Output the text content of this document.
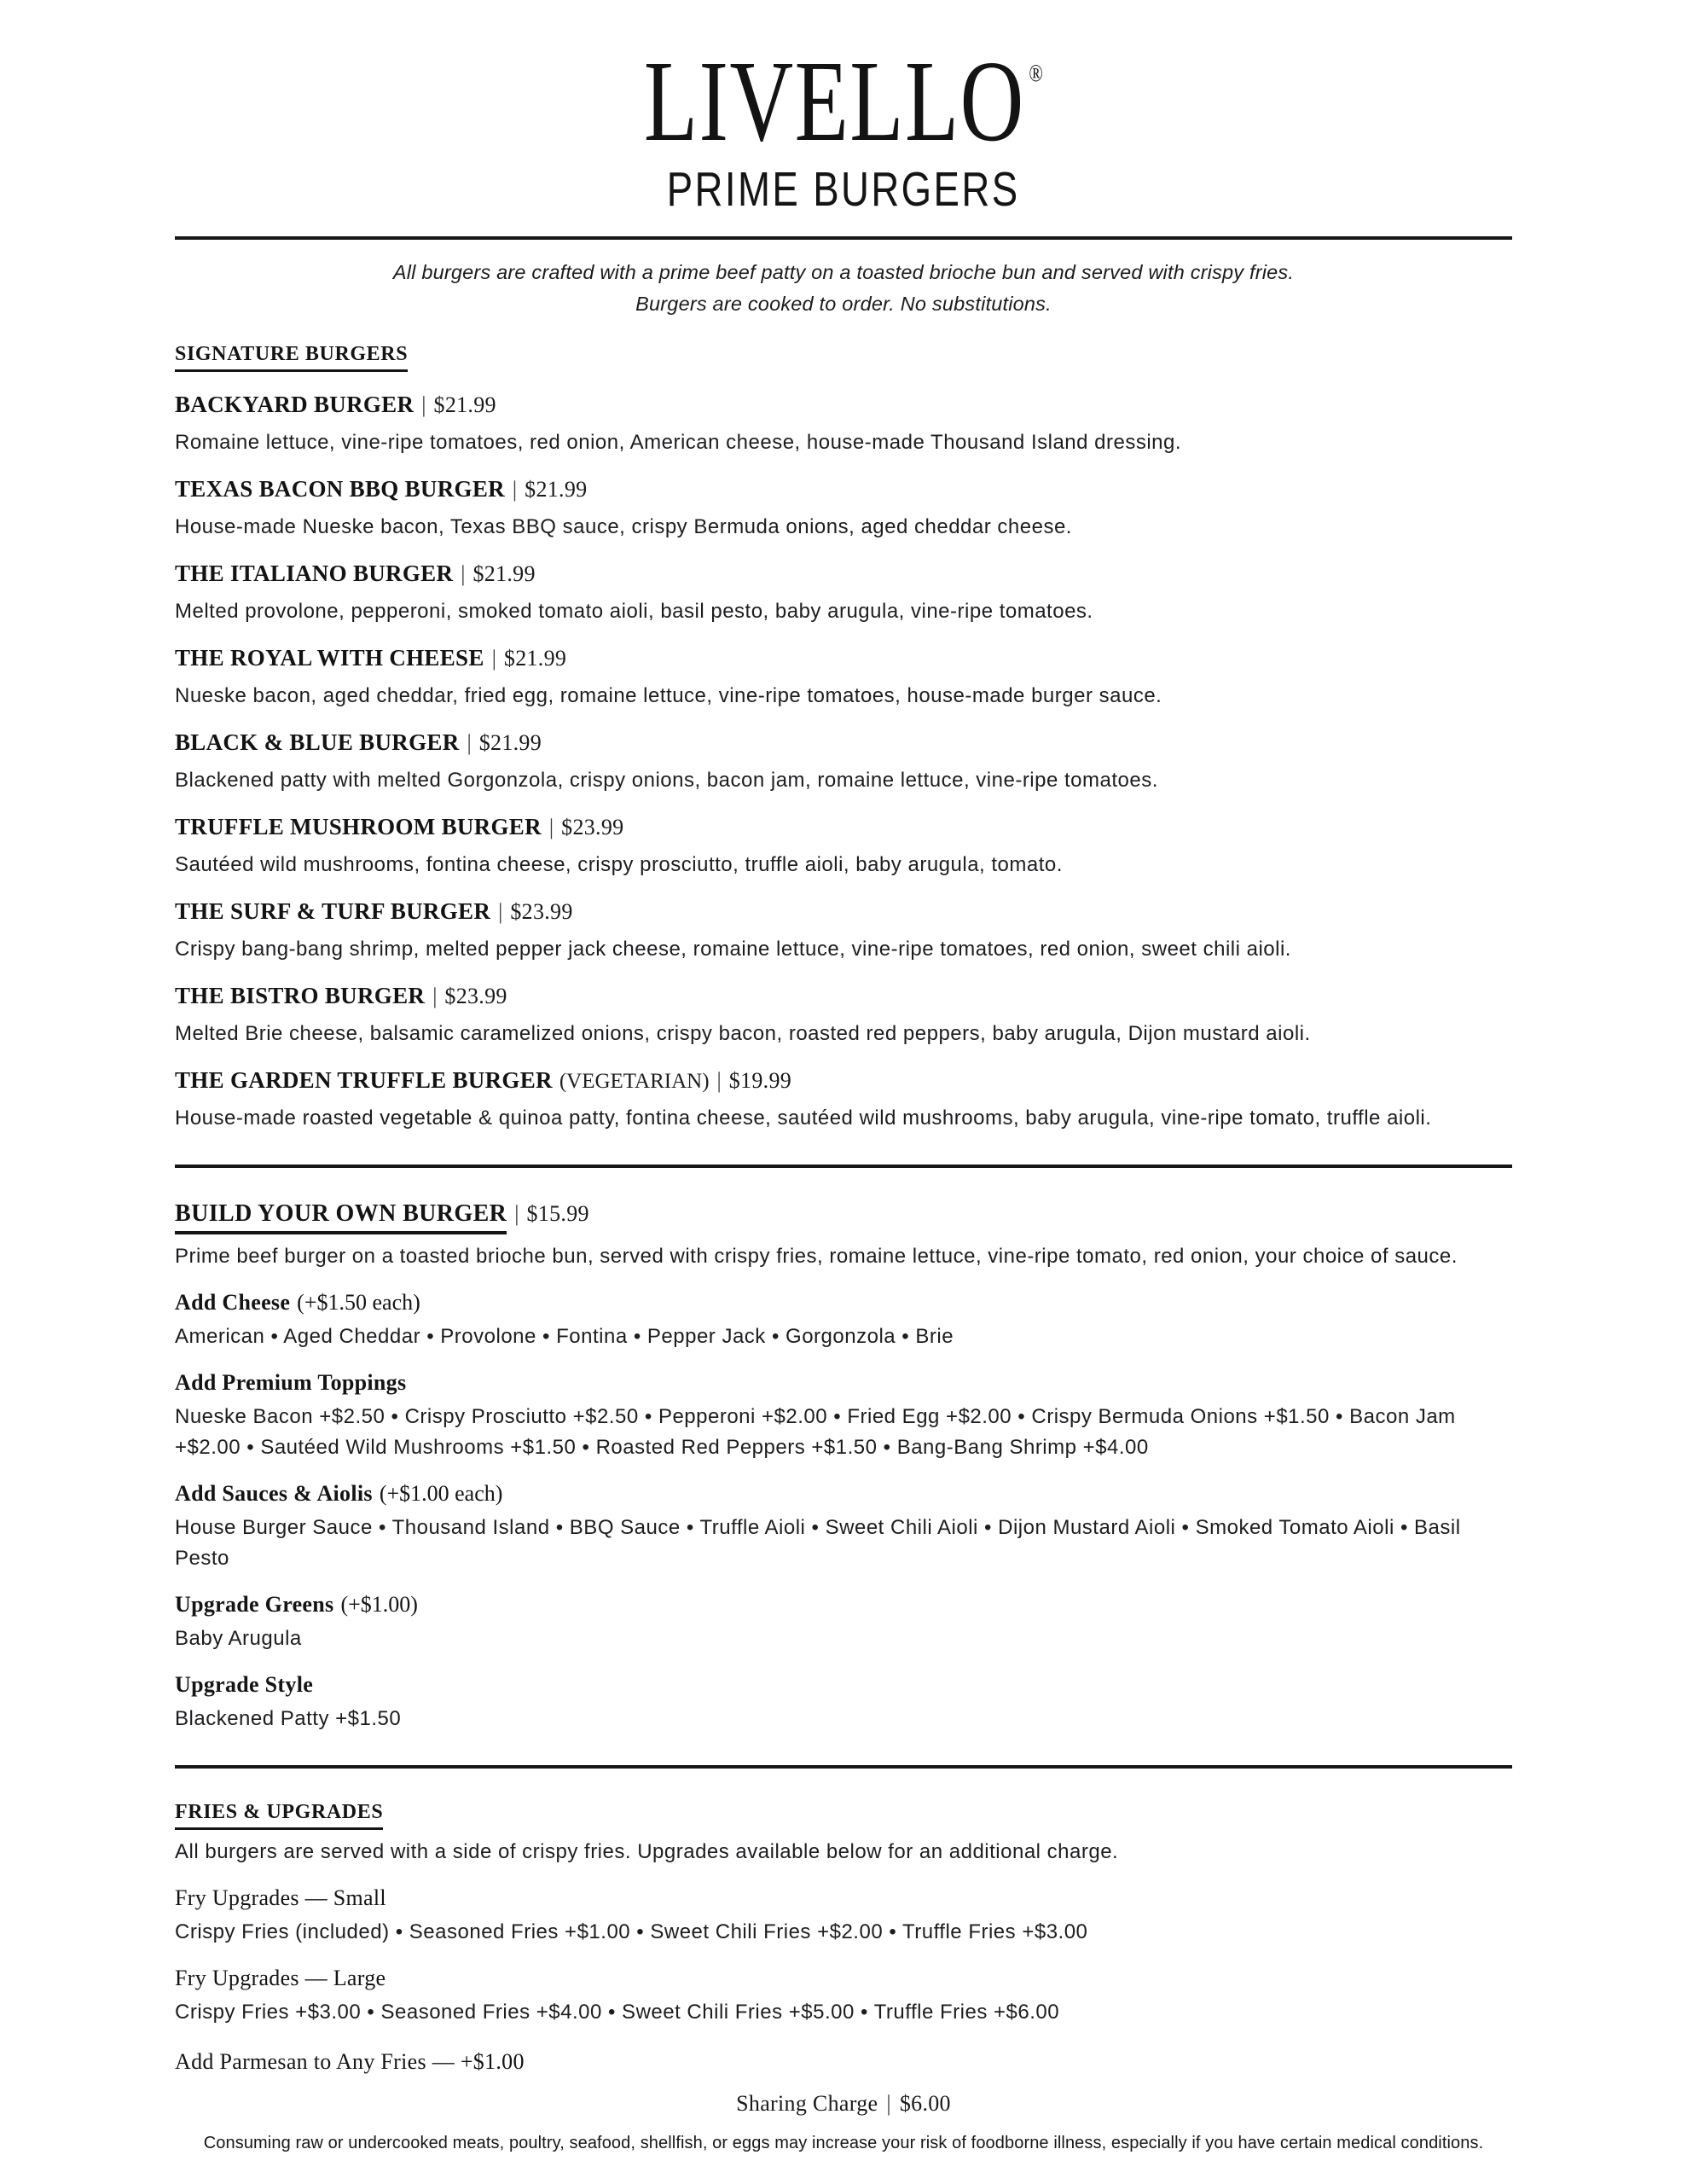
LIVELLO ®
PRIME BURGERS
All burgers are crafted with a prime beef patty on a toasted brioche bun and served with crispy fries.
Burgers are cooked to order. No substitutions.
SIGNATURE BURGERS
BACKYARD BURGER | $21.99
Romaine lettuce, vine-ripe tomatoes, red onion, American cheese, house-made Thousand Island dressing.
TEXAS BACON BBQ BURGER | $21.99
House-made Nueske bacon, Texas BBQ sauce, crispy Bermuda onions, aged cheddar cheese.
THE ITALIANO BURGER | $21.99
Melted provolone, pepperoni, smoked tomato aioli, basil pesto, baby arugula, vine-ripe tomatoes.
THE ROYAL WITH CHEESE | $21.99
Nueske bacon, aged cheddar, fried egg, romaine lettuce, vine-ripe tomatoes, house-made burger sauce.
BLACK & BLUE BURGER | $21.99
Blackened patty with melted Gorgonzola, crispy onions, bacon jam, romaine lettuce, vine-ripe tomatoes.
TRUFFLE MUSHROOM BURGER | $23.99
Sautéed wild mushrooms, fontina cheese, crispy prosciutto, truffle aioli, baby arugula, tomato.
THE SURF & TURF BURGER | $23.99
Crispy bang-bang shrimp, melted pepper jack cheese, romaine lettuce, vine-ripe tomatoes, red onion, sweet chili aioli.
THE BISTRO BURGER | $23.99
Melted Brie cheese, balsamic caramelized onions, crispy bacon, roasted red peppers, baby arugula, Dijon mustard aioli.
THE GARDEN TRUFFLE BURGER (VEGETARIAN) | $19.99
House-made roasted vegetable & quinoa patty, fontina cheese, sautéed wild mushrooms, baby arugula, vine-ripe tomato, truffle aioli.
BUILD YOUR OWN BURGER | $15.99
Prime beef burger on a toasted brioche bun, served with crispy fries, romaine lettuce, vine-ripe tomato, red onion, your choice of sauce.
Add Cheese (+$1.50 each)
American • Aged Cheddar • Provolone • Fontina • Pepper Jack • Gorgonzola • Brie
Add Premium Toppings
Nueske Bacon +$2.50 • Crispy Prosciutto +$2.50 • Pepperoni +$2.00 • Fried Egg +$2.00 • Crispy Bermuda Onions +$1.50 • Bacon Jam +$2.00 • Sautéed Wild Mushrooms +$1.50 • Roasted Red Peppers +$1.50 • Bang-Bang Shrimp +$4.00
Add Sauces & Aiolis (+$1.00 each)
House Burger Sauce • Thousand Island • BBQ Sauce • Truffle Aioli • Sweet Chili Aioli • Dijon Mustard Aioli • Smoked Tomato Aioli • Basil Pesto
Upgrade Greens (+$1.00)
Baby Arugula
Upgrade Style
Blackened Patty +$1.50
FRIES & UPGRADES
All burgers are served with a side of crispy fries. Upgrades available below for an additional charge.
Fry Upgrades — Small
Crispy Fries (included) • Seasoned Fries +$1.00 • Sweet Chili Fries +$2.00 • Truffle Fries +$3.00
Fry Upgrades — Large
Crispy Fries +$3.00 • Seasoned Fries +$4.00 • Sweet Chili Fries +$5.00 • Truffle Fries +$6.00
Add Parmesan to Any Fries — +$1.00
Sharing Charge | $6.00
Consuming raw or undercooked meats, poultry, seafood, shellfish, or eggs may increase your risk of foodborne illness, especially if you have certain medical conditions.
